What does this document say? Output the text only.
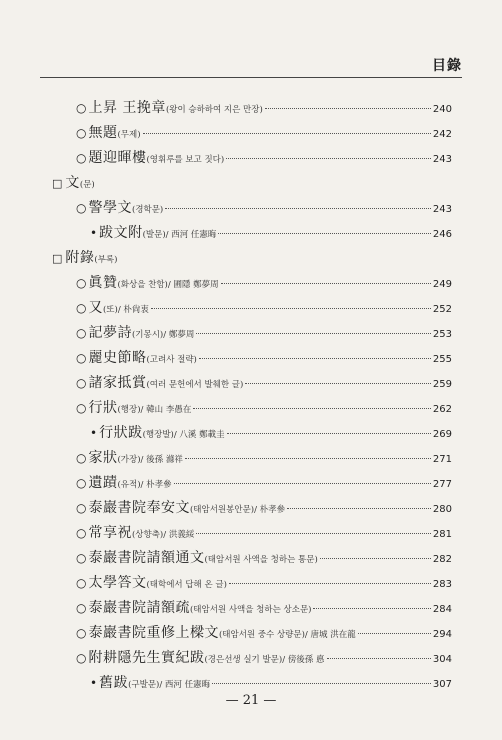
目錄
○ 上昇 王挽章 (왕이 승하하여 지은 만장)	240
○ 無題 (무제)	242
○ 題迎暉樓 (영휘루를 보고 짓다)	243
□ 文 (문)
○ 警學文 (경학문)	243
• 跋文附 (발문) / 西河 任憲晦	246
□ 附錄 (부록)
○ 眞贊 (화상을 찬함) / 圃隱 鄭夢周	249
○ 又 (또) / 朴尙衷	252
○ 記夢詩 (기몽시) / 鄭夢周	253
○ 麗史節略 (고려사 절략)	255
○ 諸家抵賞 (여러 문헌에서 발췌한 글)	259
○ 行狀 (행장) / 韓山 李愚在	262
• 行狀跋 (행장발) / 八溪 鄭載圭	269
○ 家狀 (가장) / 後孫 滌祥	271
○ 遺蹟 (유적) / 朴孝參	277
○ 泰巖書院奉安文 (태암서원봉안문) / 朴孝參	280
○ 常享祝 (상향축) / 洪義綏	281
○ 泰巖書院請額通文 (태암서원 사액을 청하는 통문)	282
○ 太學答文 (태학에서 답해 온 글)	283
○ 泰巖書院請額疏 (태암서원 사액을 청하는 상소문)	284
○ 泰巖書院重修上樑文 (태암서원 중수 상량문) / 唐城 洪在龍	294
○ 附耕隱先生實紀跋 (경은선생 실기 발문) / 傍後孫 悳	304
• 舊跋 (구발문) / 西河 任憲晦	307
— 21 —
